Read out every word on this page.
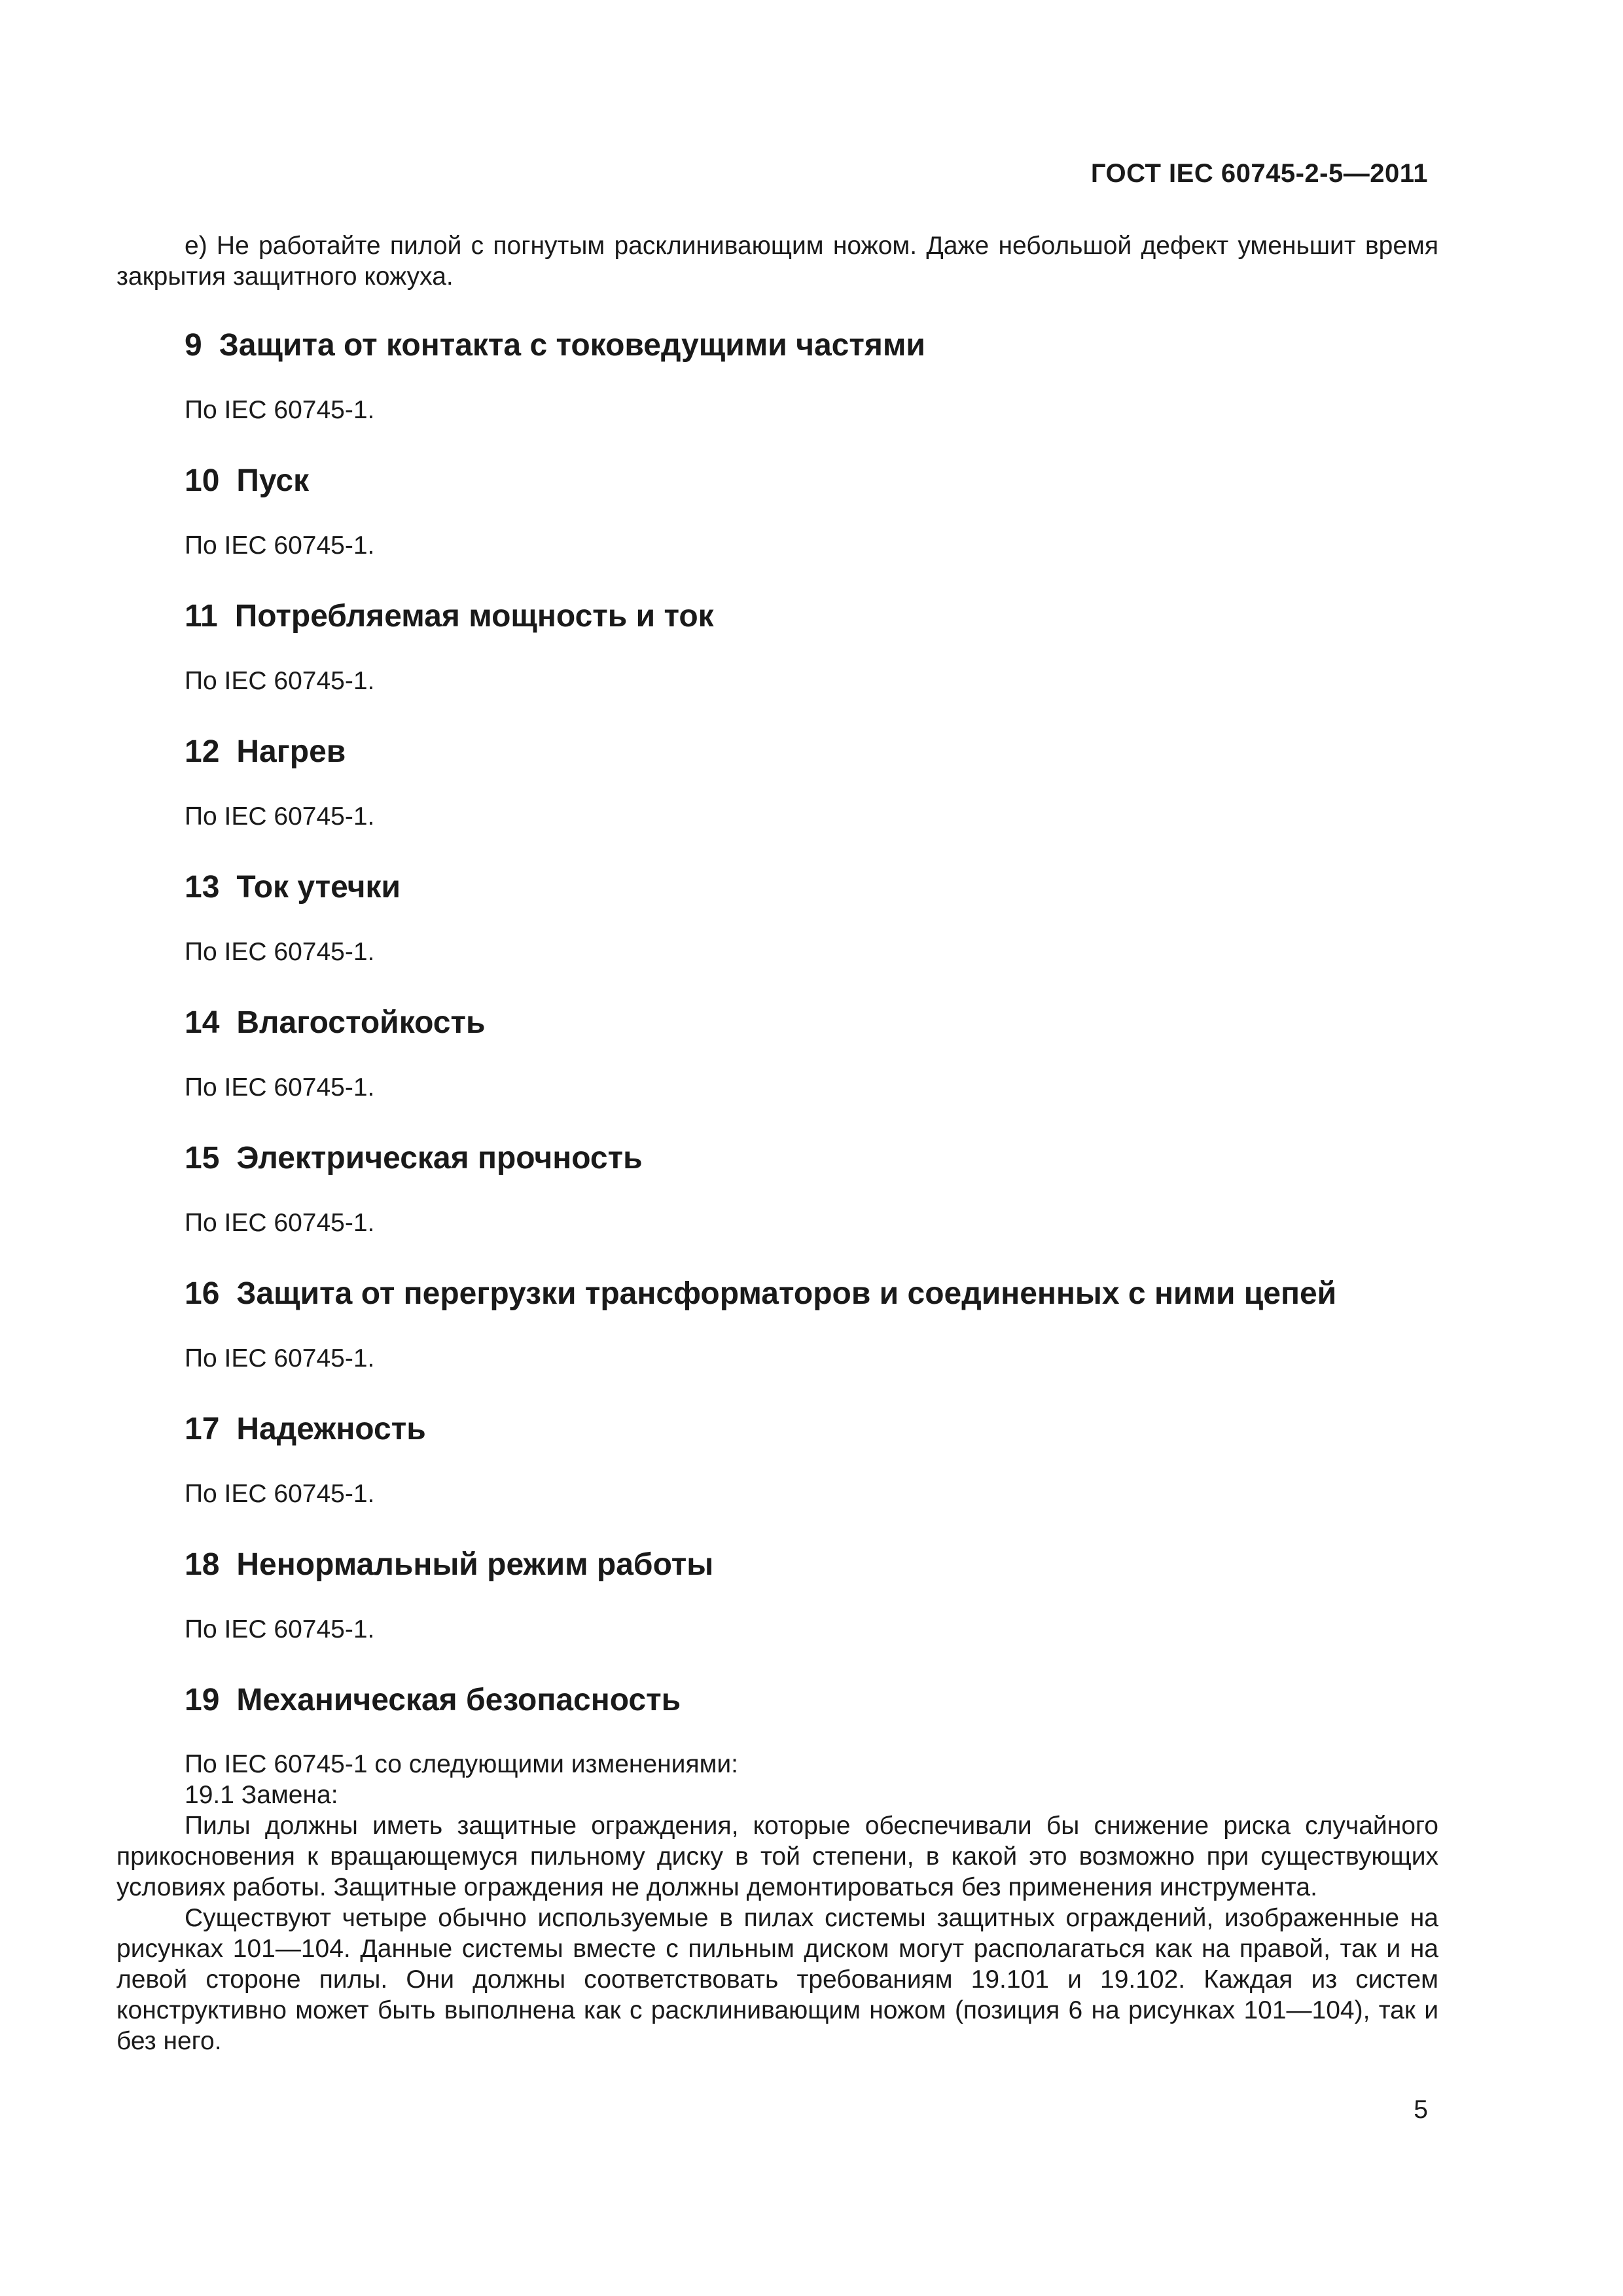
ГОСТ IEC 60745-2-5—2011
е) Не работайте пилой с погнутым расклинивающим ножом. Даже небольшой дефект уменьшит время закрытия защитного кожуха.
9 Защита от контакта с токоведущими частями

По IEC 60745-1.

10 Пуск

По IEC 60745-1.

11 Потребляемая мощность и ток

По IEC 60745-1.

12 Нагрев

По IEC 60745-1.

13 Ток утечки

По IEC 60745-1.

14 Влагостойкость

По IEC 60745-1.

15 Электрическая прочность

По IEC 60745-1.

16 Защита от перегрузки трансформаторов и соединенных с ними цепей

По IEC 60745-1.

17 Надежность

По IEC 60745-1.

18 Ненормальный режим работы

По IEC 60745-1.

19 Механическая безопасность

По IEC 60745-1 со следующими изменениями:

19.1 Замена:

Пилы должны иметь защитные ограждения, которые обеспечивали бы снижение риска случайного прикосновения к вращающемуся пильному диску в той степени, в какой это возможно при существующих условиях работы. Защитные ограждения не должны демонтироваться без применения инструмента.

Существуют четыре обычно используемые в пилах системы защитных ограждений, изображенные на рисунках 101—104. Данные системы вместе с пильным диском могут располагаться как на правой, так и на левой стороне пилы. Они должны соответствовать требованиям 19.101 и 19.102. Каждая из систем конструктивно может быть выполнена как с расклинивающим ножом (позиция 6 на рисунках 101—104), так и без него.

5
